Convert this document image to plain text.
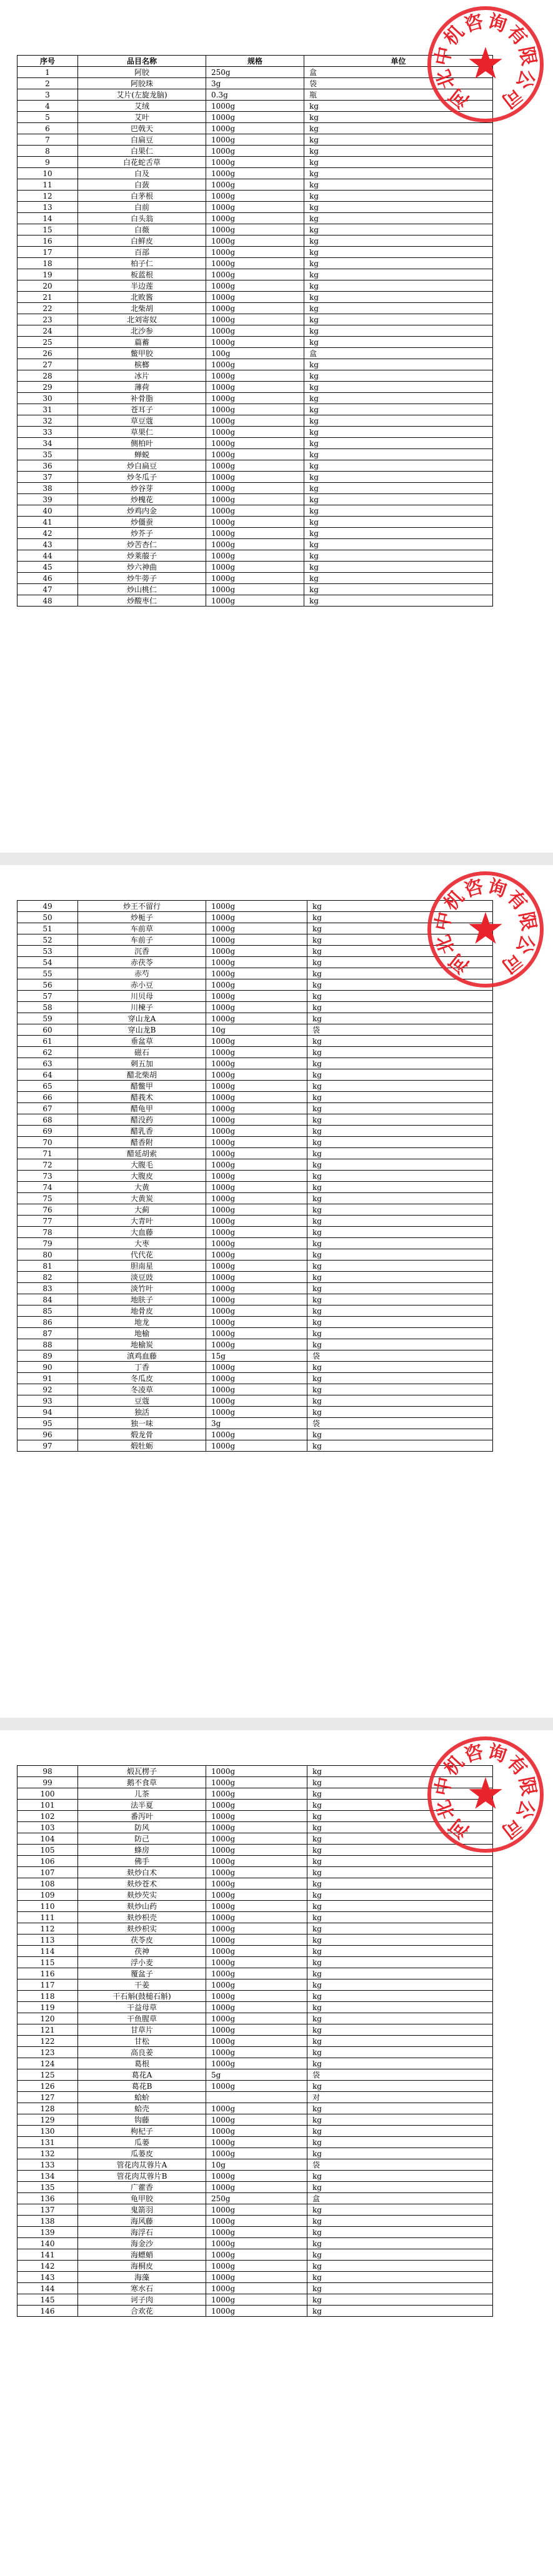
序号	品目名称	规格	单位
1	阿胶	250g	盒
2	阿胶珠	3g	袋
3	艾片(左旋龙脑)	0.3g	瓶
4	艾绒	1000g	kg
5	艾叶	1000g	kg
6	巴戟天	1000g	kg
7	白扁豆	1000g	kg
8	白果仁	1000g	kg
9	白花蛇舌草	1000g	kg
10	白及	1000g	kg
11	白蔹	1000g	kg
12	白茅根	1000g	kg
13	白前	1000g	kg
14	白头翁	1000g	kg
15	白薇	1000g	kg
16	白鲜皮	1000g	kg
17	百部	1000g	kg
18	柏子仁	1000g	kg
19	板蓝根	1000g	kg
20	半边莲	1000g	kg
21	北败酱	1000g	kg
22	北柴胡	1000g	kg
23	北刘寄奴	1000g	kg
24	北沙参	1000g	kg
25	萹蓄	1000g	kg
26	鳖甲胶	100g	盒
27	槟榔	1000g	kg
28	冰片	1000g	kg
29	薄荷	1000g	kg
30	补骨脂	1000g	kg
31	苍耳子	1000g	kg
32	草豆蔻	1000g	kg
33	草果仁	1000g	kg
34	侧柏叶	1000g	kg
35	蝉蜕	1000g	kg
36	炒白扁豆	1000g	kg
37	炒冬瓜子	1000g	kg
38	炒谷芽	1000g	kg
39	炒槐花	1000g	kg
40	炒鸡内金	1000g	kg
41	炒僵蚕	1000g	kg
42	炒芥子	1000g	kg
43	炒苦杏仁	1000g	kg
44	炒莱菔子	1000g	kg
45	炒六神曲	1000g	kg
46	炒牛蒡子	1000g	kg
47	炒山桃仁	1000g	kg
48	炒酸枣仁	1000g	kg
河
北
中
机
咨
询
有
限
公
司
49	炒王不留行	1000g	kg
50	炒栀子	1000g	kg
51	车前草	1000g	kg
52	车前子	1000g	kg
53	沉香	1000g	kg
54	赤茯苓	1000g	kg
55	赤芍	1000g	kg
56	赤小豆	1000g	kg
57	川贝母	1000g	kg
58	川楝子	1000g	kg
59	穿山龙A	1000g	kg
60	穿山龙B	10g	袋
61	垂盆草	1000g	kg
62	磁石	1000g	kg
63	刺五加	1000g	kg
64	醋北柴胡	1000g	kg
65	醋鳖甲	1000g	kg
66	醋莪术	1000g	kg
67	醋龟甲	1000g	kg
68	醋没药	1000g	kg
69	醋乳香	1000g	kg
70	醋香附	1000g	kg
71	醋延胡索	1000g	kg
72	大腹毛	1000g	kg
73	大腹皮	1000g	kg
74	大黄	1000g	kg
75	大黄炭	1000g	kg
76	大蓟	1000g	kg
77	大青叶	1000g	kg
78	大血藤	1000g	kg
79	大枣	1000g	kg
80	代代花	1000g	kg
81	胆南星	1000g	kg
82	淡豆豉	1000g	kg
83	淡竹叶	1000g	kg
84	地肤子	1000g	kg
85	地骨皮	1000g	kg
86	地龙	1000g	kg
87	地榆	1000g	kg
88	地榆炭	1000g	kg
89	滇鸡血藤	15g	袋
90	丁香	1000g	kg
91	冬瓜皮	1000g	kg
92	冬凌草	1000g	kg
93	豆蔻	1000g	kg
94	独活	1000g	kg
95	独一味	3g	袋
96	煅龙骨	1000g	kg
97	煅牡蛎	1000g	kg
河
北
中
机
咨
询
有
限
公
司
98	煅瓦楞子	1000g	kg
99	鹅不食草	1000g	kg
100	儿茶	1000g	kg
101	法半夏	1000g	kg
102	番泻叶	1000g	kg
103	防风	1000g	kg
104	防己	1000g	kg
105	蜂房	1000g	kg
106	佛手	1000g	kg
107	麸炒白术	1000g	kg
108	麸炒苍术	1000g	kg
109	麸炒芡实	1000g	kg
110	麸炒山药	1000g	kg
111	麸炒枳壳	1000g	kg
112	麸炒枳实	1000g	kg
113	茯苓皮	1000g	kg
114	茯神	1000g	kg
115	浮小麦	1000g	kg
116	覆盆子	1000g	kg
117	干姜	1000g	kg
118	干石斛(鼓槌石斛)	1000g	kg
119	干益母草	1000g	kg
120	干鱼腥草	1000g	kg
121	甘草片	1000g	kg
122	甘松	1000g	kg
123	高良姜	1000g	kg
124	葛根	1000g	kg
125	葛花A	5g	袋
126	葛花B	1000g	kg
127	蛤蚧		对
128	蛤壳	1000g	kg
129	钩藤	1000g	kg
130	枸杞子	1000g	kg
131	瓜蒌	1000g	kg
132	瓜蒌皮	1000g	kg
133	管花肉苁蓉片A	10g	袋
134	管花肉苁蓉片B	1000g	kg
135	广藿香	1000g	kg
136	龟甲胶	250g	盒
137	鬼箭羽	1000g	kg
138	海风藤	1000g	kg
139	海浮石	1000g	kg
140	海金沙	1000g	kg
141	海螵蛸	1000g	kg
142	海桐皮	1000g	kg
143	海藻	1000g	kg
144	寒水石	1000g	kg
145	诃子肉	1000g	kg
146	合欢花	1000g	kg
河
北
中
机
咨
询
有
限
公
司
